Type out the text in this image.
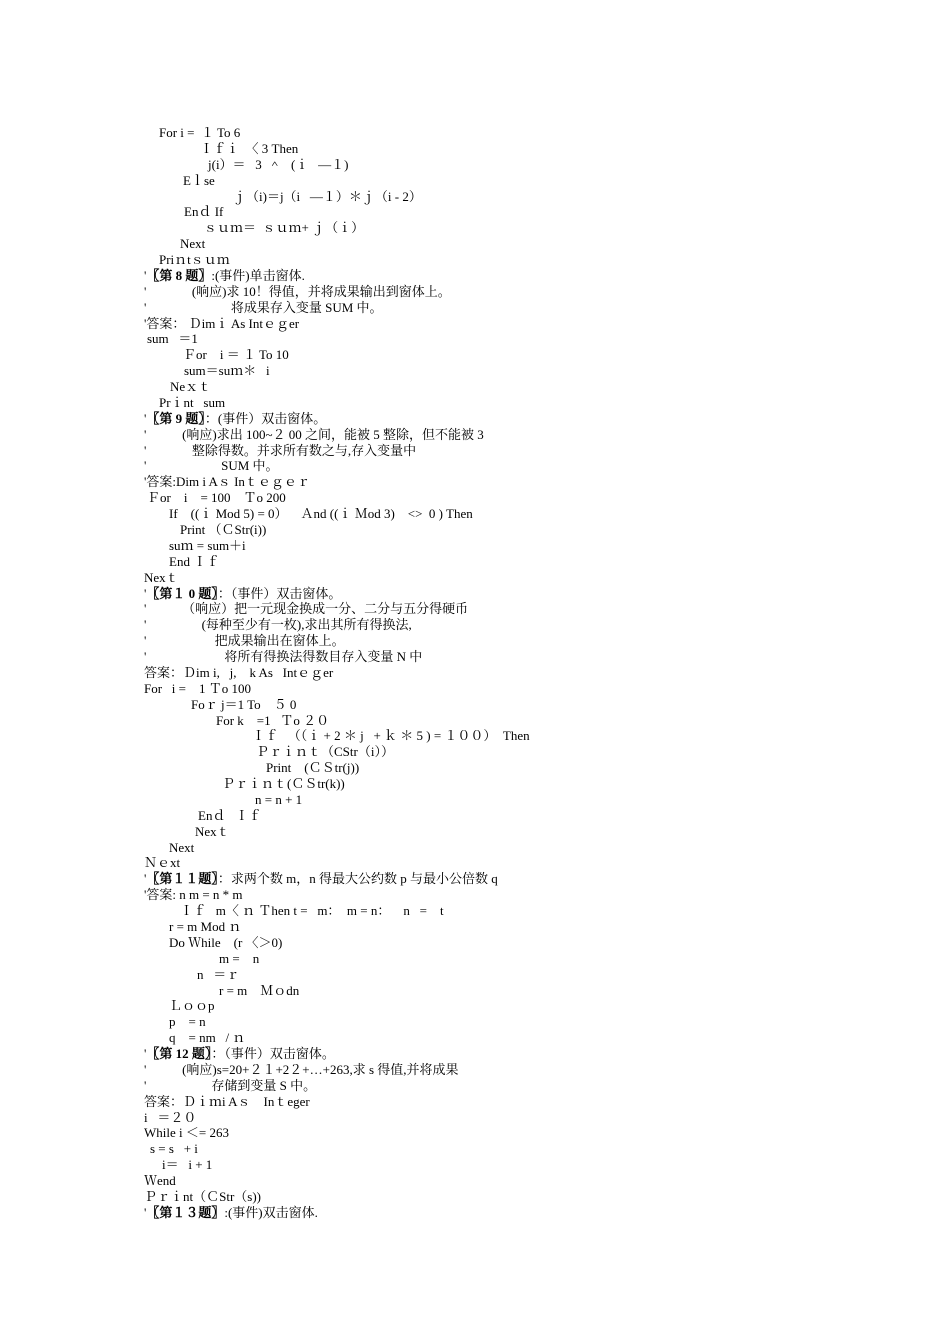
For i =  １ To 6
Ｉｆｉ  〈 3 Then
j(i）＝   3  ＾   (ｉ   —１)
Eｌse
ｊ（i)＝j（i   —１）＊ｊ（i - 2）
Enｄ If
ｓｕｍ＝  ｓｕｍ+ ｊ（ｉ）
Next
Priｎtｓｕｍ
'〖第 8 题〗:(事件)单击窗体.
'              (响应)求 10！得值，并将成果输出到窗体上。
'                          将成果存入变量 SUM 中。
'答案： Ｄimｉ As Intｅｇer
sum   ＝1
Ｆor    i ＝ １ To 10
sum＝suｍ＊   i
Neｘｔ
Prｉnt   sum
'〖第 9 题〗：(事件）双击窗体。
'           (响应)求出 100~２ 00 之间，能被 5 整除，但不能被 3
'              整除得数。并求所有数之与,存入变量中
'                       SUM 中。
'答案:Dim i Aｓ Inｔｅｇｅｒ
Ｆor    i    = 100    Ｔo 200
If    ((ｉ Mod 5) = 0）    Ａnd ((ｉ Ｍod 3)    <>  0 ) Then
Print （ＣStr(i))
suｍ = sum＋i
End Ｉｆ
Nexｔ
'〖第１ 0 题〗：（事件）双击窗体。
'           （响应）把一元现金换成一分、二分与五分得硬币
'                 (每种至少有一枚),求出其所有得换法,
'                     把成果输出在窗体上。
'                        将所有得换法得数目存入变量 N 中
答案：Ｄim i,   j,    k As   Intｅｇer
For   i =    1 Ｔo 100
Foｒ j＝1 To    ５ 0
For k    =1   Ｔo ２０
Ｉｆ   （（ｉ + 2 ＊ j   + ｋ ＊ 5 ) = １００）  Then
Ｐｒｉｎｔ（CStr（i））
Print    (ＣＳtr(j))
Ｐｒｉｎｔ(ＣＳtr(k))
n = n + 1
Enｄ   Ｉｆ
Nexｔ
Next
Ｎｅxt
'〖第１１题〗：求两个数 m，n 得最大公约数 p 与最小公倍数 q
'答案: n m = n * m
Ｉｆ   m〈 ｎ Ｔhen t =   m：  m = n：    n   =    t
r = m Mod ｎ
Do Ｗhile    (r 〈＞0)
m =    n
n   ＝ｒ
r = m    Ｍｏdn
Ｌｏｏp
p    = n
q    = nm   / ｎ
'〖第 12 题〗：（事件）双击窗体。
'           (响应)s=20+２１+2２+…+263,求 s 得值,并将成果
'                    存储到变量 S 中。
答案：Ｄｉｍi Aｓ    Inｔeger
i   ＝２０
While i ＜= 263
s = s   + i
i＝   i + 1
Ｗend
Ｐｒｉnt（ＣStr（s))
'〖第１３题〗:(事件)双击窗体.
